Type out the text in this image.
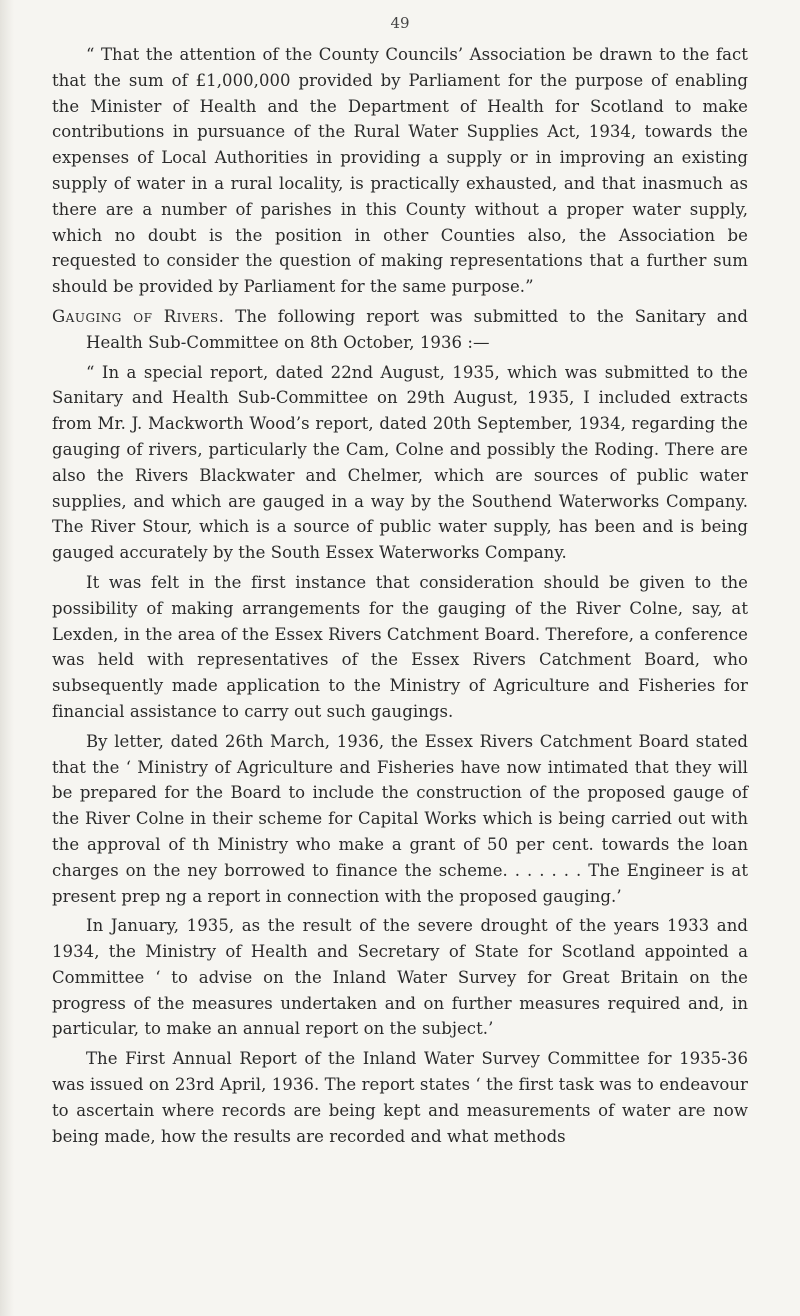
49

“ That the attention of the County Councils’ Association be drawn to the fact that the sum of £1,000,000 provided by Parliament for the purpose of enabling the Minister of Health and the Department of Health for Scotland to make contributions in pursuance of the Rural Water Supplies Act, 1934, towards the expenses of Local Authorities in providing a supply or in improving an existing supply of water in a rural locality, is practically exhausted, and that inasmuch as there are a number of parishes in this County without a proper water supply, which no doubt is the position in other Counties also, the Association be requested to consider the question of making representations that a further sum should be provided by Parliament for the same purpose.”

Gauging of Rivers. The following report was submitted to the Sanitary and Health Sub-Committee on 8th October, 1936 :—

“ In a special report, dated 22nd August, 1935, which was submitted to the Sanitary and Health Sub-Committee on 29th August, 1935, I included extracts from Mr. J. Mackworth Wood’s report, dated 20th September, 1934, regarding the gauging of rivers, particularly the Cam, Colne and possibly the Roding. There are also the Rivers Blackwater and Chelmer, which are sources of public water supplies, and which are gauged in a way by the Southend Waterworks Company. The River Stour, which is a source of public water supply, has been and is being gauged accurately by the South Essex Waterworks Company.

It was felt in the first instance that consideration should be given to the possibility of making arrangements for the gauging of the River Colne, say, at Lexden, in the area of the Essex Rivers Catchment Board. Therefore, a conference was held with representatives of the Essex Rivers Catchment Board, who subsequently made application to the Ministry of Agriculture and Fisheries for financial assistance to carry out such gaugings.

By letter, dated 26th March, 1936, the Essex Rivers Catchment Board stated that the ‘ Ministry of Agriculture and Fisheries have now intimated that they will be prepared for the Board to include the construction of the proposed gauge of the River Colne in their scheme for Capital Works which is being carried out with the approval of th Ministry who make a grant of 50 per cent. towards the loan charges on the ney borrowed to finance the scheme. . . . . . . The Engineer is at present prep ng a report in connection with the proposed gauging.’

In January, 1935, as the result of the severe drought of the years 1933 and 1934, the Ministry of Health and Secretary of State for Scotland appointed a Committee ‘ to advise on the Inland Water Survey for Great Britain on the progress of the measures undertaken and on further measures required and, in particular, to make an annual report on the subject.’

The First Annual Report of the Inland Water Survey Committee for 1935-36 was issued on 23rd April, 1936. The report states ‘ the first task was to endeavour to ascertain where records are being kept and measurements of water are now being made, how the results are recorded and what methods
